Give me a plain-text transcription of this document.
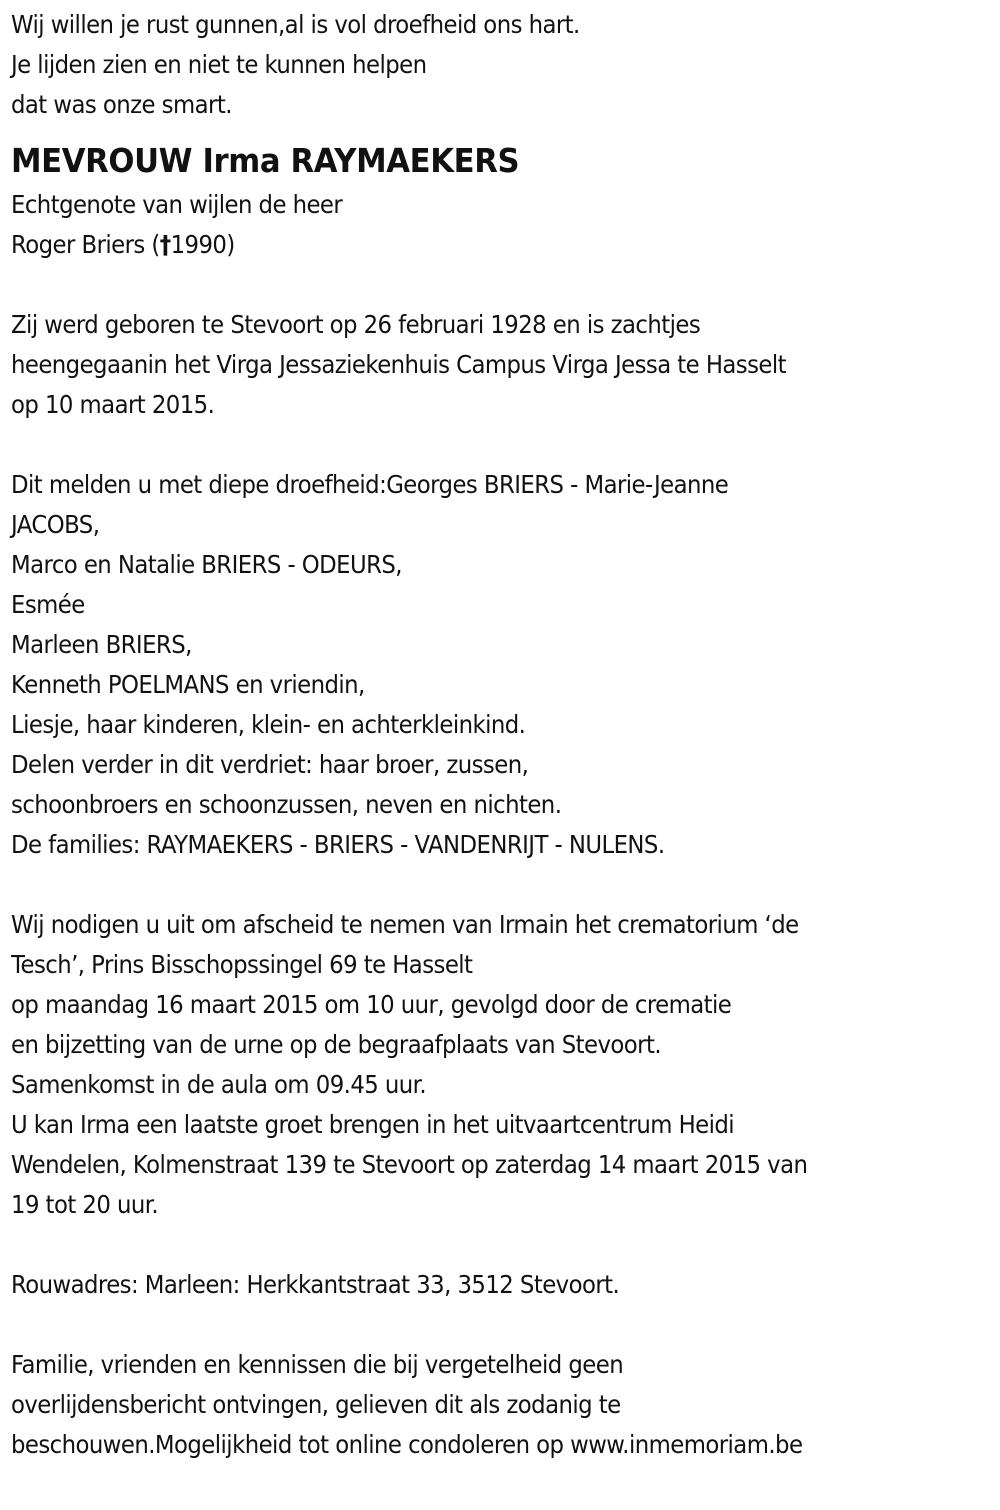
Wij willen je rust gunnen,al is vol droefheid ons hart.
Je lijden zien en niet te kunnen helpen
dat was onze smart.
MEVROUW Irma RAYMAEKERS
Echtgenote van wijlen de heer
Roger Briers (†1990)
Zij werd geboren te Stevoort op 26 februari 1928 en is zachtjes
heengegaanin het Virga Jessaziekenhuis Campus Virga Jessa te Hasselt
op 10 maart 2015.
Dit melden u met diepe droefheid:Georges BRIERS - Marie-Jeanne
JACOBS,
Marco en Natalie BRIERS - ODEURS,
Esmée
Marleen BRIERS,
Kenneth POELMANS en vriendin,
Liesje, haar kinderen, klein- en achterkleinkind.
Delen verder in dit verdriet: haar broer, zussen,
schoonbroers en schoonzussen, neven en nichten.
De families: RAYMAEKERS - BRIERS - VANDENRIJT - NULENS.
Wij nodigen u uit om afscheid te nemen van Irmain het crematorium ‘de
Tesch’, Prins Bisschopssingel 69 te Hasselt
op maandag 16 maart 2015 om 10 uur, gevolgd door de crematie
en bijzetting van de urne op de begraafplaats van Stevoort.
Samenkomst in de aula om 09.45 uur.
U kan Irma een laatste groet brengen in het uitvaartcentrum Heidi
Wendelen, Kolmenstraat 139 te Stevoort op zaterdag 14 maart 2015 van
19 tot 20 uur.
Rouwadres: Marleen: Herkkantstraat 33, 3512 Stevoort.
Familie, vrienden en kennissen die bij vergetelheid geen
overlijdensbericht ontvingen, gelieven dit als zodanig te
beschouwen.Mogelijkheid tot online condoleren op www.inmemoriam.be
